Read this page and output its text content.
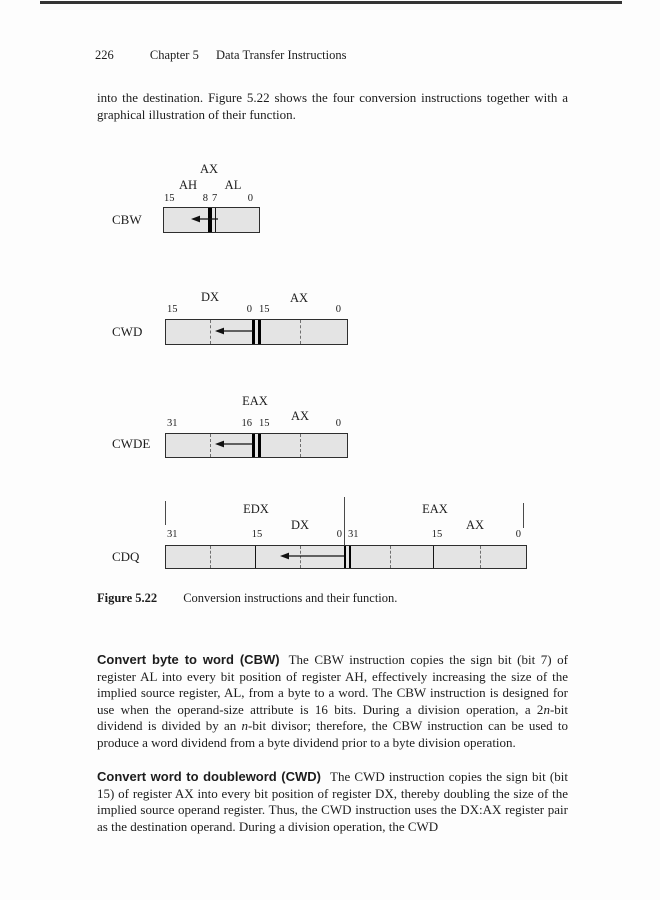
226	Chapter 5 Data Transfer Instructions

into the destination. Figure 5.22 shows the four conversion instructions together with a graphical illustration of their function.

AX
AH AL
15	8 7	0
CBW
DX	AX
15	0 15	0
CWD
EAX
AX
31	16 15	0
CWDE
EDX	EAX
DX	AX
31	15	0 31	15	0
CDQ
Figure 5.22 Conversion instructions and their function.

Convert byte to word (CBW) The CBW instruction copies the sign bit (bit 7) of register AL into every bit position of register AH, effectively increasing the size of the implied source register, AL, from a byte to a word. The CBW instruction is designed for use when the operand-size attribute is 16 bits. During a division operation, a 2n-bit dividend is divided by an n-bit divisor; therefore, the CBW instruction can be used to produce a word dividend from a byte dividend prior to a byte division operation.

Convert word to doubleword (CWD) The CWD instruction copies the sign bit (bit 15) of register AX into every bit position of register DX, thereby doubling the size of the implied source operand register. Thus, the CWD instruction uses the DX:AX register pair as the destination operand. During a division operation, the CWD
